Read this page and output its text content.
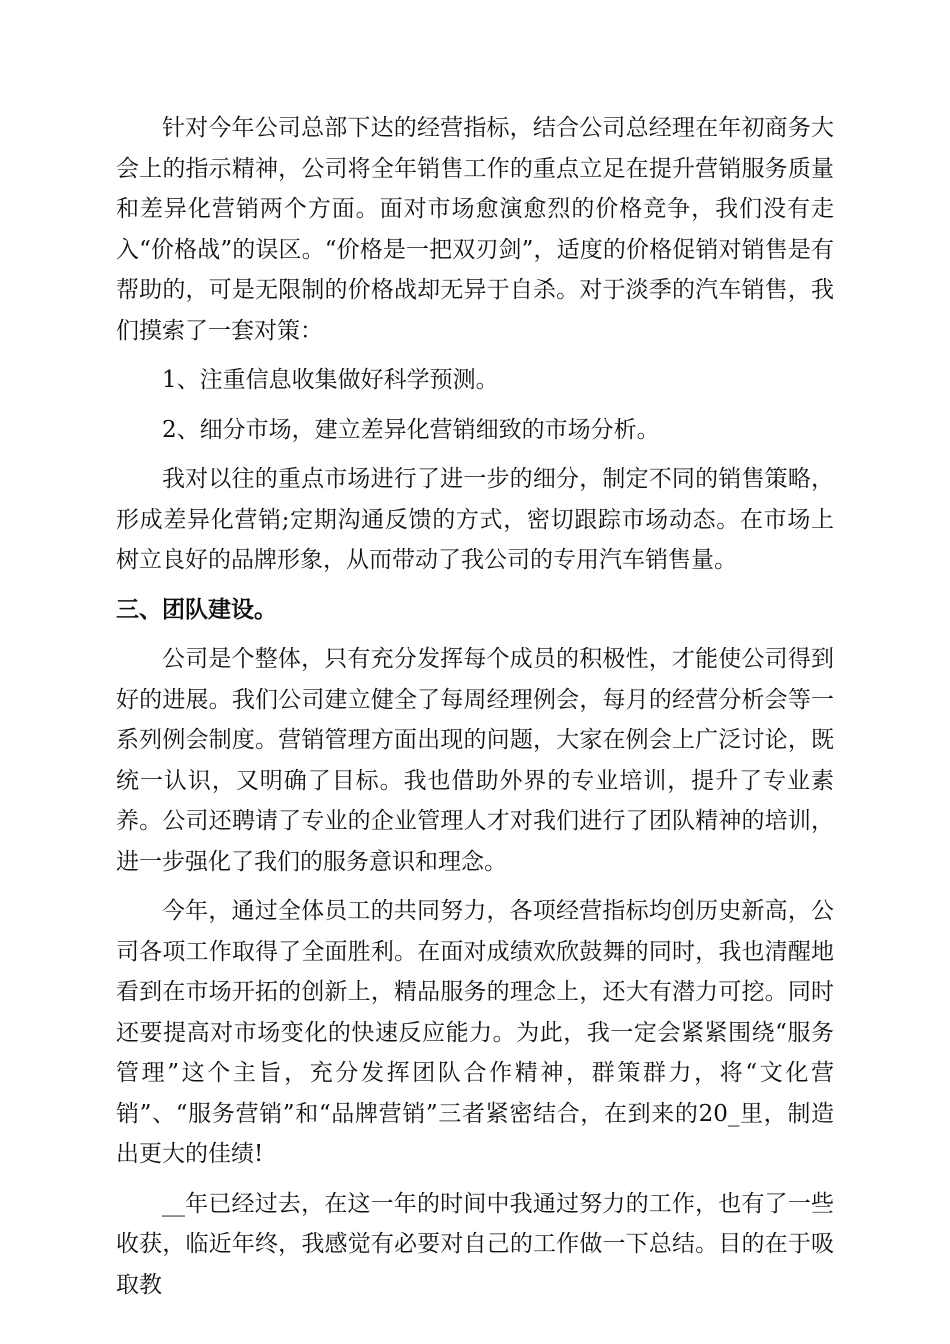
针对今年公司总部下达的经营指标，结合公司总经理在年初商务大会上的指示精神，公司将全年销售工作的重点立足在提升营销服务质量和差异化营销两个方面。面对市场愈演愈烈的价格竞争，我们没有走入“价格战”的误区。“价格是一把双刃剑”，适度的价格促销对销售是有帮助的，可是无限制的价格战却无异于自杀。对于淡季的汽车销售，我们摸索了一套对策：

1、注重信息收集做好科学预测。

2、细分市场，建立差异化营销细致的市场分析。

我对以往的重点市场进行了进一步的细分，制定不同的销售策略，形成差异化营销;定期沟通反馈的方式，密切跟踪市场动态。在市场上树立良好的品牌形象，从而带动了我公司的专用汽车销售量。

三、团队建设。

公司是个整体，只有充分发挥每个成员的积极性，才能使公司得到好的进展。我们公司建立健全了每周经理例会，每月的经营分析会等一系列例会制度。营销管理方面出现的问题，大家在例会上广泛讨论，既统一认识，又明确了目标。我也借助外界的专业培训，提升了专业素养。公司还聘请了专业的企业管理人才对我们进行了团队精神的培训，进一步强化了我们的服务意识和理念。

今年，通过全体员工的共同努力，各项经营指标均创历史新高，公司各项工作取得了全面胜利。在面对成绩欢欣鼓舞的同时，我也清醒地看到在市场开拓的创新上，精品服务的理念上，还大有潜力可挖。同时还要提高对市场变化的快速反应能力。为此，我一定会紧紧围绕“服务管理”这个主旨，充分发挥团队合作精神，群策群力，将“文化营销”、“服务营销”和“品牌营销”三者紧密结合，在到来的20_里，制造出更大的佳绩!

__年已经过去，在这一年的时间中我通过努力的工作，也有了一些收获，临近年终，我感觉有必要对自己的工作做一下总结。目的在于吸取教
